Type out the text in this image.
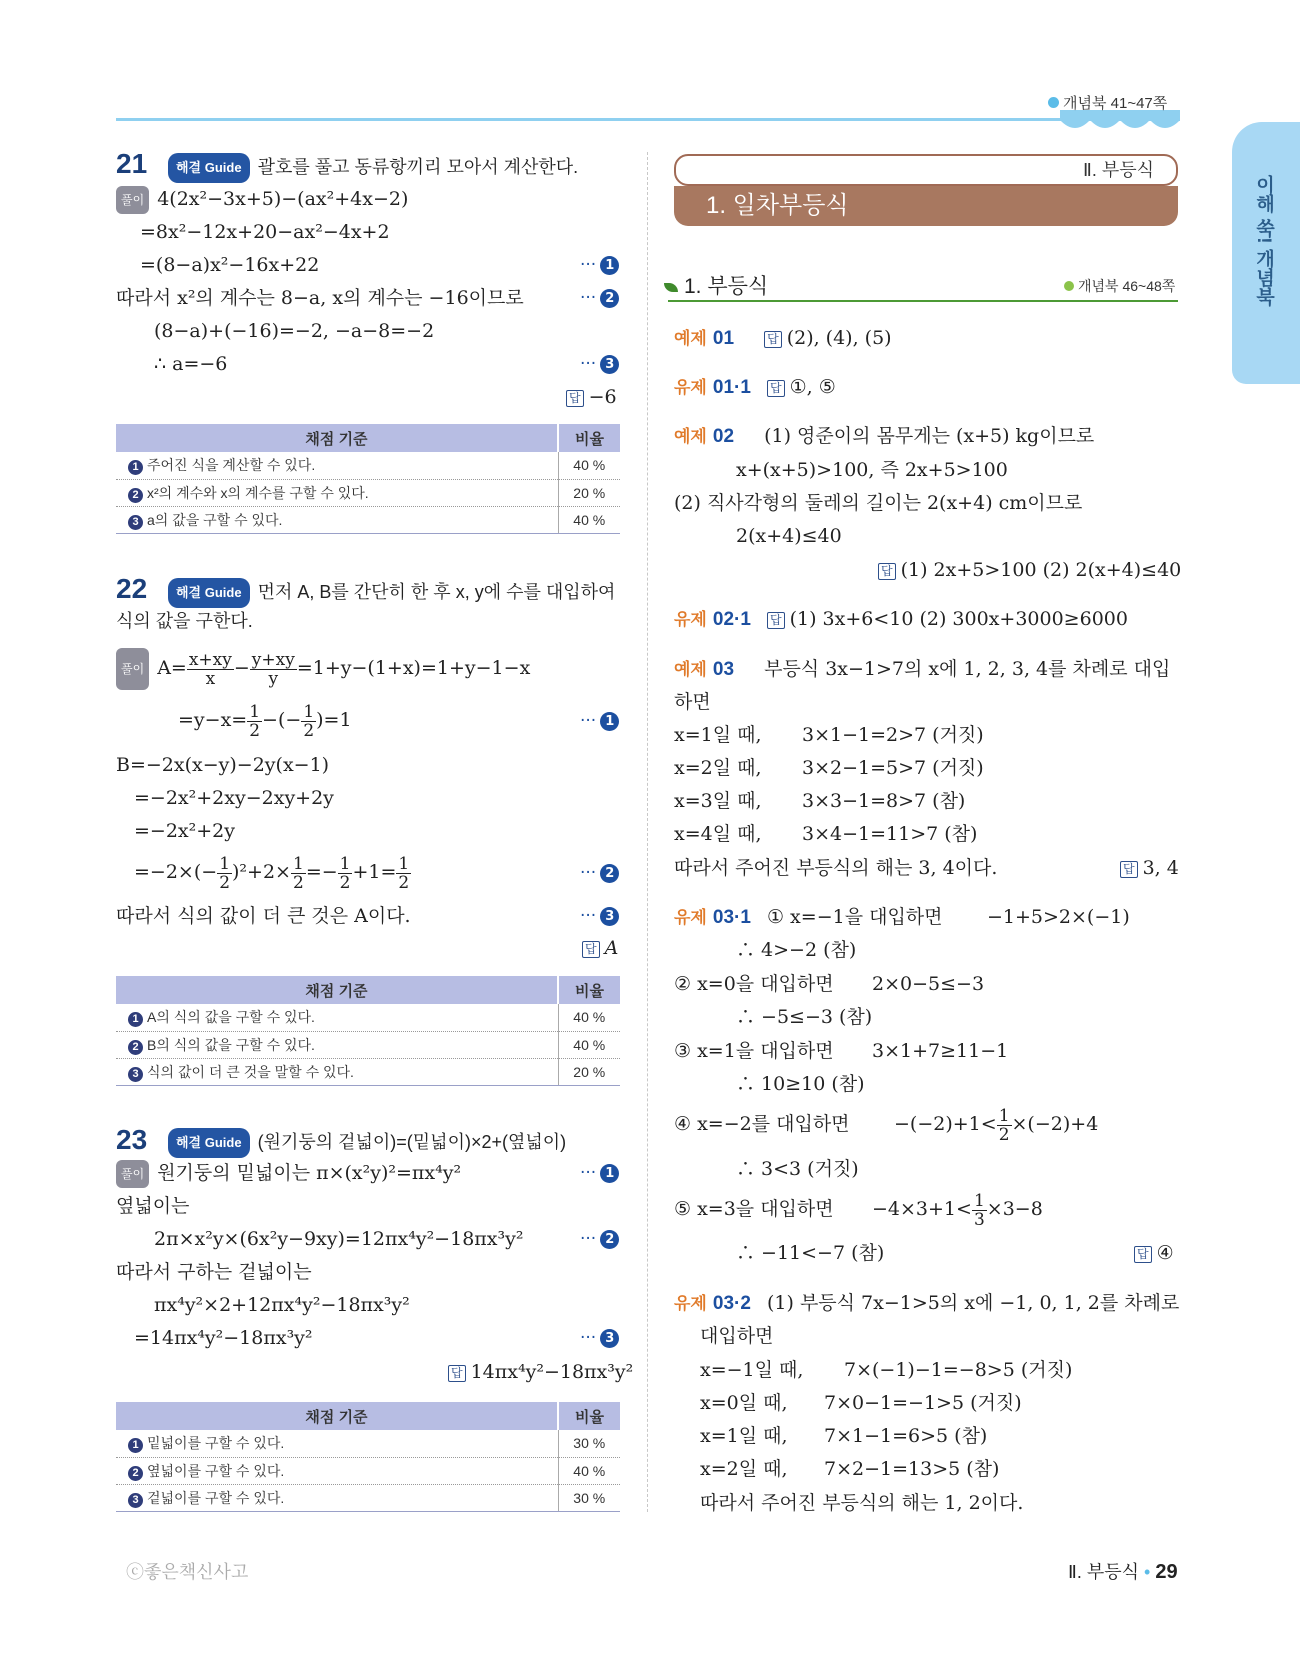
개념북 41~47쪽
이해 쑥! 개념북
21	해결 Guide 괄호를 풀고 동류항끼리 모아서 계산한다.
풀이 4(2x²−3x+5)−(ax²+4x−2)
=8x²−12x+20−ax²−4x+2
=(8−a)x²−16x+22	··· 1
따라서 x²의 계수는 8−a, x의 계수는 −16이므로	··· 2
(8−a)+(−16)=−2, −a−8=−2
∴ a=−6	··· 3
답 −6
채점 기준	비율
1 주어진 식을 계산할 수 있다.	40 %
2 x²의 계수와 x의 계수를 구할 수 있다.	20 %
3 a의 값을 구할 수 있다.	40 %
22	해결 Guide 먼저 A, B를 간단히 한 후 x, y에 수를 대입하여
식의 값을 구한다.
풀이 $A= \frac{x+xy}{x} - \frac{y+xy}{y} =1+y-(1+x)=1+y-1-x$
$=y-x= \frac{1}{2}$ −(− $\frac{1}{2} )=1$	··· 1
B=−2x(x−y)−2y(x−1)
=−2x²+2xy−2xy+2y
=−2x²+2y
$=-2\times(- \frac{1}{2} )^2+2\times \frac{1}{2} =- \frac{1}{2} +1= \frac{1}{2}$	··· 2
따라서 식의 값이 더 큰 것은 A이다.	··· 3
답 A
채점 기준	비율
1 A의 식의 값을 구할 수 있다.	40 %
2 B의 식의 값을 구할 수 있다.	40 %
3 식의 값이 더 큰 것을 말할 수 있다.	20 %
23	해결 Guide (원기둥의 겉넓이)=(밑넓이)×2+(옆넓이)
풀이 원기둥의 밑넓이는 π×(x²y)²=πx⁴y²	··· 1
옆넓이는
2π×x²y×(6x²y−9xy)=12πx⁴y²−18πx³y²	··· 2
따라서 구하는 겉넓이는
πx⁴y²×2+12πx⁴y²−18πx³y²
=14πx⁴y²−18πx³y²	··· 3
답 14πx⁴y²−18πx³y²
채점 기준	비율
1 밑넓이를 구할 수 있다.	30 %
2 옆넓이를 구할 수 있다.	40 %
3 겉넓이를 구할 수 있다.	30 %
Ⅱ. 부등식
1. 일차부등식
1. 부등식	개념북 46~48쪽
예제 01	답 (2), (4), (5)
유제 01·1 답 ①, ⑤
예제 02 (1) 영준이의 몸무게는 (x+5) kg이므로
x+(x+5)>100, 즉 2x+5>100
(2) 직사각형의 둘레의 길이는 2(x+4) cm이므로
2(x+4)≤40
답 (1) 2x+5>100 (2) 2(x+4)≤40
유제 02·1 답 (1) 3x+6<10 (2) 300x+3000≥6000
예제 03 부등식 3x−1>7의 x에 1, 2, 3, 4를 차례로 대입
하면
x=1일 때, 3×1−1=2>7 (거짓)
x=2일 때, 3×2−1=5>7 (거짓)
x=3일 때, 3×3−1=8>7 (참)
x=4일 때, 3×4−1=11>7 (참)
따라서 주어진 부등식의 해는 3, 4이다.	답 3, 4
유제 03·1 ① x=−1을 대입하면 −1+5>2×(−1)
∴ 4>−2 (참)
② x=0을 대입하면 2×0−5≤−3
∴ −5≤−3 (참)
③ x=1을 대입하면 3×1+7≥11−1
∴ 10≥10 (참)
④ x=−2를 대입하면 $-(-2)+1< \frac{1}{2} \times(-2)+4$
∴ 3<3 (거짓)
⑤ x=3을 대입하면 $-4\times 3+1< \frac{1}{3} \times 3-8$
∴ −11<−7 (참)	답 ④
유제 03·2 (1) 부등식 7x−1>5의 x에 −1, 0, 1, 2를 차례로
대입하면
x=−1일 때, 7×(−1)−1=−8>5 (거짓)
x=0일 때, 7×0−1=−1>5 (거짓)
x=1일 때, 7×1−1=6>5 (참)
x=2일 때, 7×2−1=13>5 (참)
따라서 주어진 부등식의 해는 1, 2이다.
ⓒ좋은책신사고	Ⅱ. 부등식 • 29
